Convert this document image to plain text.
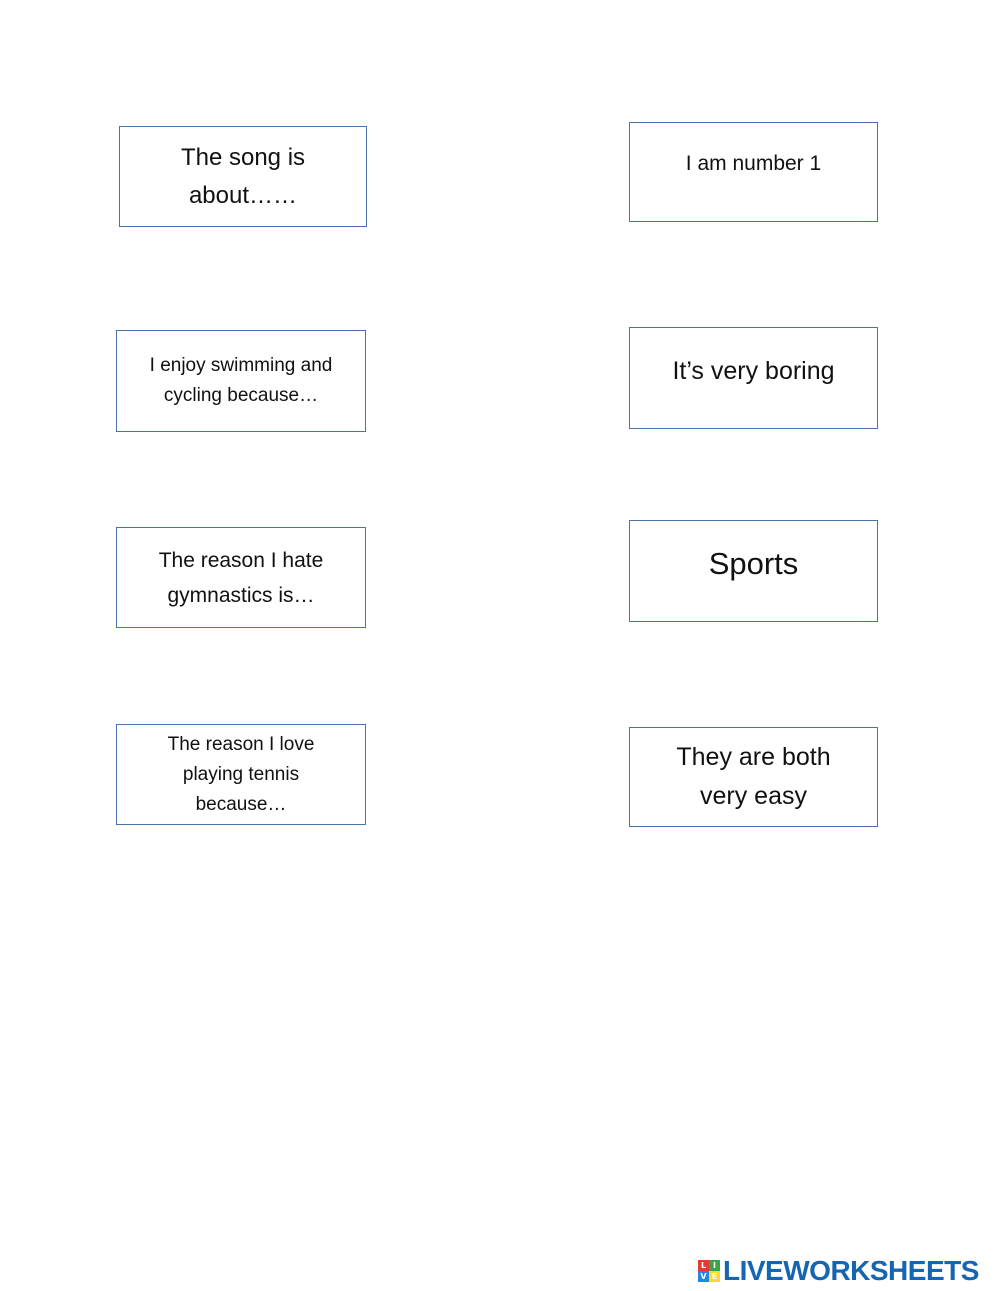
The song is
about……
I enjoy swimming and
cycling because…
The reason I hate
gymnastics is…
The reason I love
playing tennis
because…
I am number 1
It’s very boring
Sports
They are both
very easy
L I
V E LIVEWORKSHEETS
